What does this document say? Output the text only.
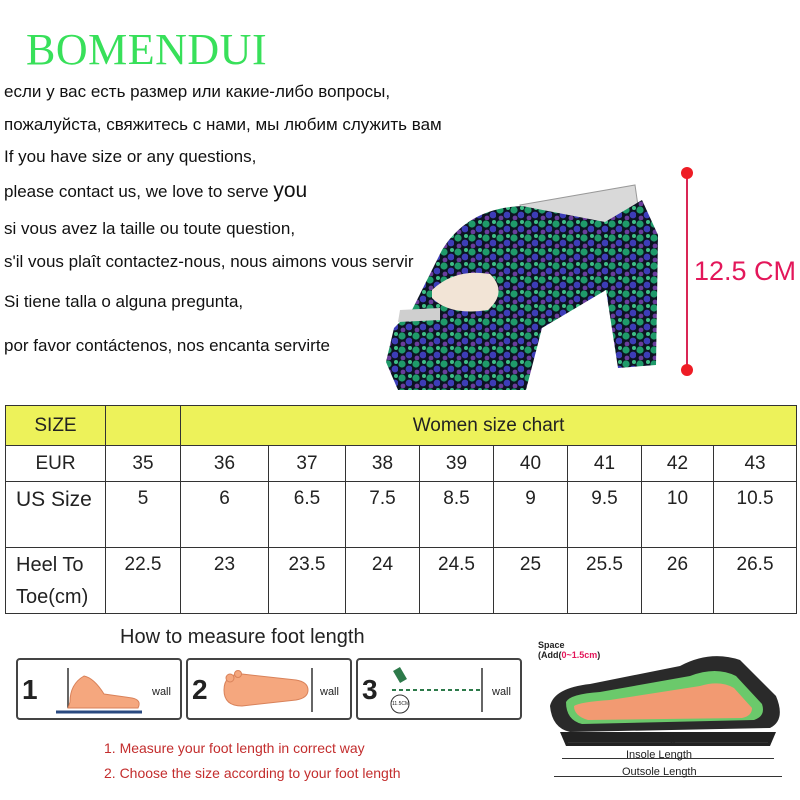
BOMENDUI
если у вас есть размер или какие-либо вопросы,
пожалуйста, свяжитесь с нами, мы любим служить вам
If you have size or any questions,
please contact us, we love to serve you
si vous avez la taille ou toute question,
s'il vous plaît contactez-nous, nous aimons vous servir
Si tiene talla o alguna pregunta,
por favor contáctenos, nos encanta servirte
12.5 CM
SIZE		Women size chart							
EUR	35	36	37	38	39	40	41	42	43
US Size	5	6	6.5	7.5	8.5	9	9.5	10	10.5

Heel To
Toe(cm)	22.5	23	23.5	24	24.5	25	25.5	26	26.5
How to measure foot length
1	wall 2	wall 3	wall
11.5CM
1. Measure your foot length in correct way
2. Choose the size according to your foot length
Space
(Add(0~1.5cm)
Foot length
Insole Length
Outsole Length
